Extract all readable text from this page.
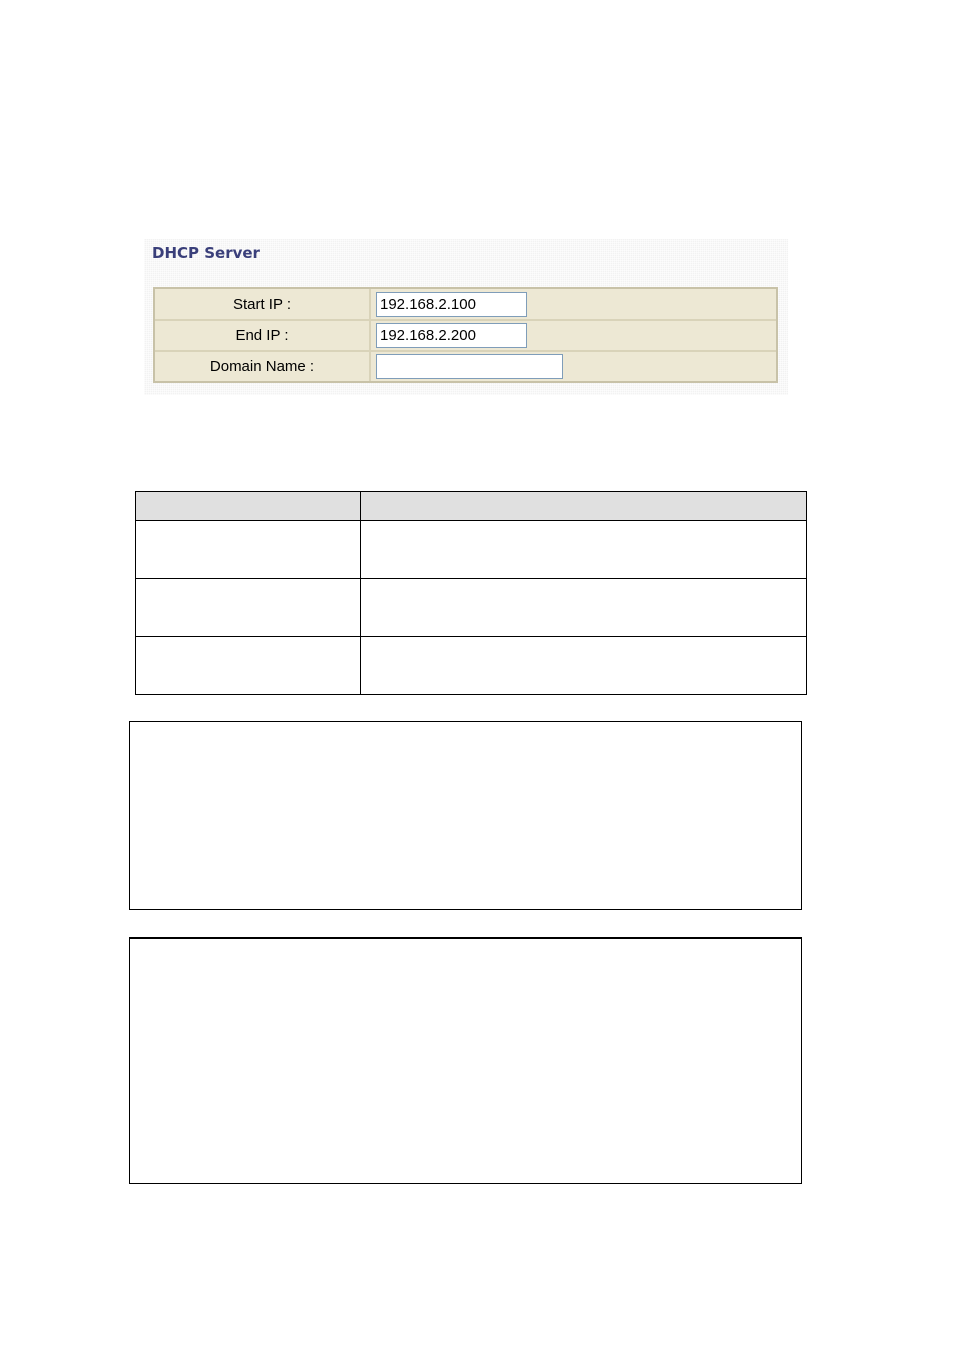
DHCP Server
Start IP :
192.168.2.100
End IP :
192.168.2.200
Domain Name :
